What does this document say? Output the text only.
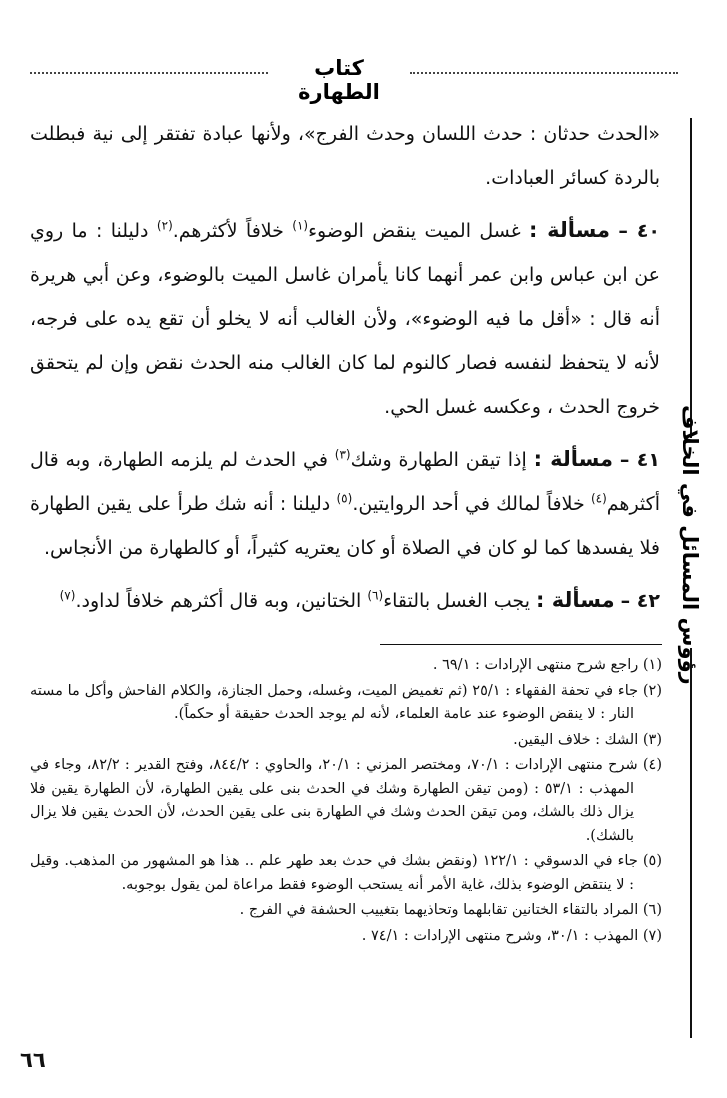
كتاب الطهارة
رؤوس المسائل في الخلاف

«الحدث حدثان : حدث اللسان وحدث الفرج»، ولأنها عبادة تفتقر إلى نية فبطلت بالردة كسائر العبادات.

٤٠ – مسألة : غسل الميت ينقض الوضوء$^{(١)}$ خلافاً لأكثرهم.$^{(٢)}$ دليلنا : ما روي عن ابن عباس وابن عمر أنهما كانا يأمران غاسل الميت بالوضوء، وعن أبي هريرة أنه قال : «أقل ما فيه الوضوء»، ولأن الغالب أنه لا يخلو أن تقع يده على فرجه، لأنه لا يتحفظ لنفسه فصار كالنوم لما كان الغالب منه الحدث نقض وإن لم يتحقق خروج الحدث ، وعكسه غسل الحي.

٤١ – مسألة : إذا تيقن الطهارة وشك$^{(٣)}$ في الحدث لم يلزمه الطهارة، وبه قال أكثرهم$^{(٤)}$ خلافاً لمالك في أحد الروايتين.$^{(٥)}$ دليلنا : أنه شك طرأ على يقين الطهارة فلا يفسدها كما لو كان في الصلاة أو كان يعتريه كثيراً، أو كالطهارة من الأنجاس.

٤٢ – مسألة : يجب الغسل بالتقاء$^{(٦)}$ الختانين، وبه قال أكثرهم خلافاً لداود.$^{(٧)}$

(١) راجع شرح منتهى الإرادات : ٦٩/١ .

(٢) جاء في تحفة الفقهاء : ٢٥/١ (ثم تغميض الميت، وغسله، وحمل الجنازة، والكلام الفاحش وأكل ما مسته النار : لا ينقض الوضوء عند عامة العلماء، لأنه لم يوجد الحدث حقيقة أو حكماً).

(٣) الشك : خلاف اليقين.

(٤) شرح منتهى الإرادات : ٧٠/١، ومختصر المزني : ٢٠/١، والحاوي : ٨٤٤/٢، وفتح القدير : ٨٢/٢، وجاء في المهذب : ٥٣/١ : (ومن تيقن الطهارة وشك في الحدث بنى على يقين الطهارة، لأن الطهارة يقين فلا يزال ذلك بالشك، ومن تيقن الحدث وشك في الطهارة بنى على يقين الحدث، لأن الحدث يقين فلا يزال بالشك).

(٥) جاء في الدسوقي : ١٢٢/١ (ونقض بشك في حدث بعد طهر علم .. هذا هو المشهور من المذهب. وقيل : لا ينتقض الوضوء بذلك، غاية الأمر أنه يستحب الوضوء فقط مراعاة لمن يقول بوجوبه.

(٦) المراد بالتقاء الختانين تقابلهما وتحاذيهما بتغييب الحشفة في الفرج .

(٧) المهذب : ٣٠/١، وشرح منتهى الإرادات : ٧٤/١ .

٦٦
